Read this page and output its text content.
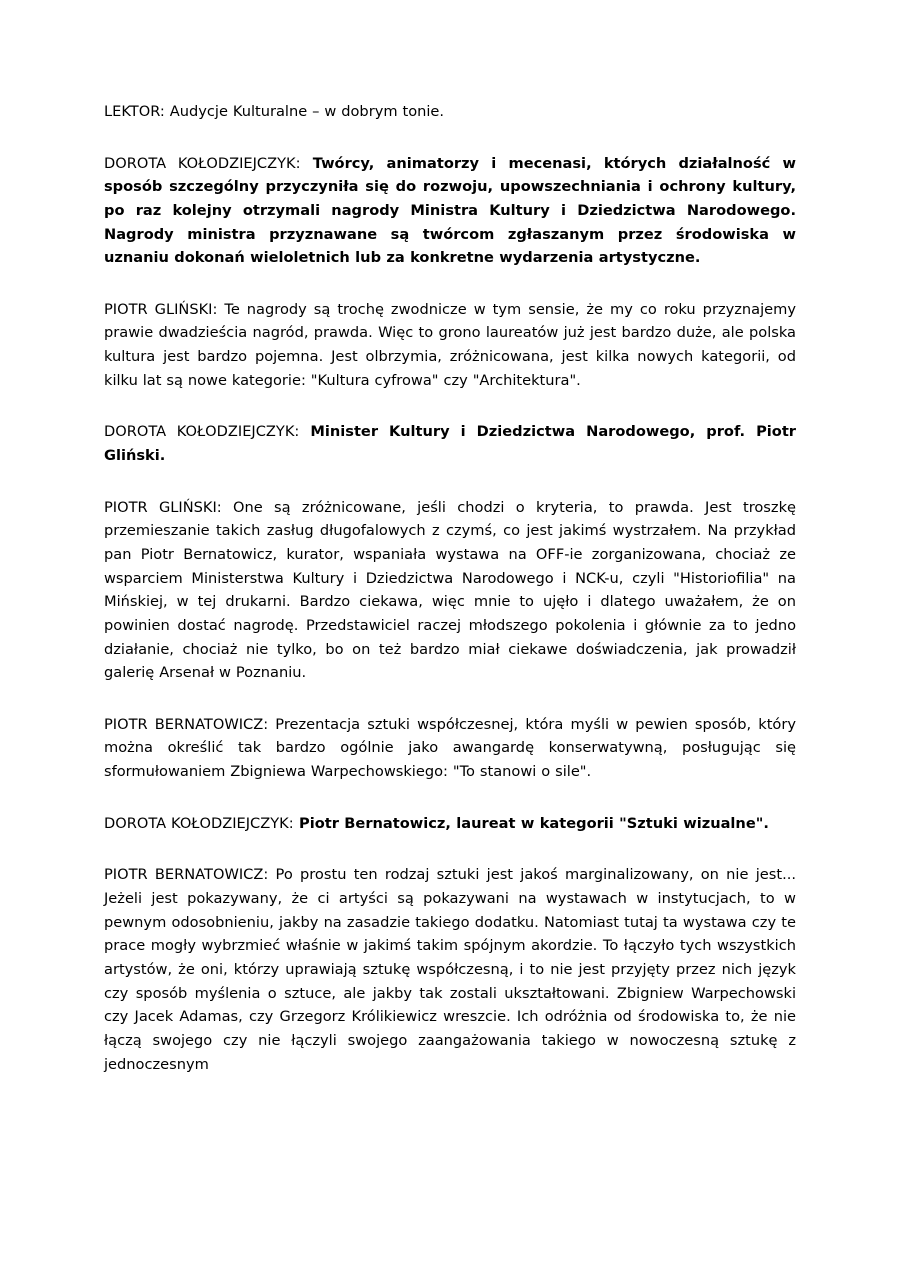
LEKTOR: Audycje Kulturalne – w dobrym tonie.

DOROTA KOŁODZIEJCZYK: Twórcy, animatorzy i mecenasi, których działalność w sposób szczególny przyczyniła się do rozwoju, upowszechniania i ochrony kultury, po raz kolejny otrzymali nagrody Ministra Kultury i Dziedzictwa Narodowego. Nagrody ministra przyznawane są twórcom zgłaszanym przez środowiska w uznaniu dokonań wieloletnich lub za konkretne wydarzenia artystyczne.

PIOTR GLIŃSKI: Te nagrody są trochę zwodnicze w tym sensie, że my co roku przyznajemy prawie dwadzieścia nagród, prawda. Więc to grono laureatów już jest bardzo duże, ale polska kultura jest bardzo pojemna. Jest olbrzymia, zróżnicowana, jest kilka nowych kategorii, od kilku lat są nowe kategorie: "Kultura cyfrowa" czy "Architektura".

DOROTA KOŁODZIEJCZYK: Minister Kultury i Dziedzictwa Narodowego, prof. Piotr Gliński.

PIOTR GLIŃSKI: One są zróżnicowane, jeśli chodzi o kryteria, to prawda. Jest troszkę przemieszanie takich zasług długofalowych z czymś, co jest jakimś wystrzałem. Na przykład pan Piotr Bernatowicz, kurator, wspaniała wystawa na OFF-ie zorganizowana, chociaż ze wsparciem Ministerstwa Kultury i Dziedzictwa Narodowego i NCK-u, czyli "Historiofilia" na Mińskiej, w tej drukarni. Bardzo ciekawa, więc mnie to ujęło i dlatego uważałem, że on powinien dostać nagrodę. Przedstawiciel raczej młodszego pokolenia i głównie za to jedno działanie, chociaż nie tylko, bo on też bardzo miał ciekawe doświadczenia, jak prowadził galerię Arsenał w Poznaniu.

PIOTR BERNATOWICZ: Prezentacja sztuki współczesnej, która myśli w pewien sposób, który można określić tak bardzo ogólnie jako awangardę konserwatywną, posługując się sformułowaniem Zbigniewa Warpechowskiego: "To stanowi o sile".

DOROTA KOŁODZIEJCZYK: Piotr Bernatowicz, laureat w kategorii "Sztuki wizualne".

PIOTR BERNATOWICZ: Po prostu ten rodzaj sztuki jest jakoś marginalizowany, on nie jest... Jeżeli jest pokazywany, że ci artyści są pokazywani na wystawach w instytucjach, to w pewnym odosobnieniu, jakby na zasadzie takiego dodatku. Natomiast tutaj ta wystawa czy te prace mogły wybrzmieć właśnie w jakimś takim spójnym akordzie. To łączyło tych wszystkich artystów, że oni, którzy uprawiają sztukę współczesną, i to nie jest przyjęty przez nich język czy sposób myślenia o sztuce, ale jakby tak zostali ukształtowani. Zbigniew Warpechowski czy Jacek Adamas, czy Grzegorz Królikiewicz wreszcie. Ich odróżnia od środowiska to, że nie łączą swojego czy nie łączyli swojego zaangażowania takiego w nowoczesną sztukę z jednoczesnym
